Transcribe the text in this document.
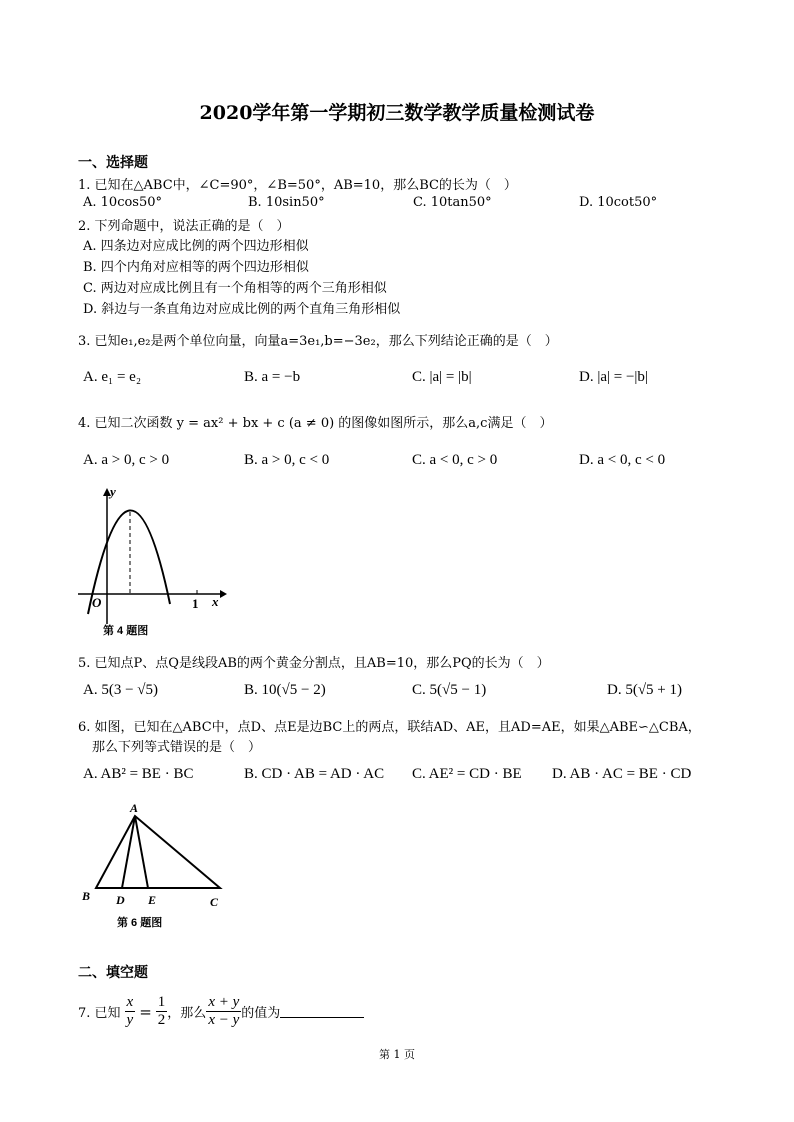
2020学年第一学期初三数学教学质量检测试卷
一、选择题
1. 已知在△ABC中，∠C=90°，∠B=50°，AB=10，那么BC的长为（　）
A. 10cos50°	B. 10sin50°	C. 10tan50°	D. 10cot50°
2. 下列命题中，说法正确的是（　）
A. 四条边对应成比例的两个四边形相似
B. 四个内角对应相等的两个四边形相似
C. 两边对应成比例且有一个角相等的两个三角形相似
D. 斜边与一条直角边对应成比例的两个直角三角形相似
3. 已知e₁,e₂是两个单位向量，向量a=3e₁,b=−3e₂，那么下列结论正确的是（　）
A. e₁ = e₂	B. a = −b	C. |a| = |b|	D. |a| = −|b|
4. 已知二次函数 y = ax² + bx + c (a ≠ 0) 的图像如图所示，那么a,c满足（　）
A. a > 0, c > 0	B. a > 0, c < 0	C. a < 0, c > 0	D. a < 0, c < 0
y
x
O	1
第 4 题图
5. 已知点P、点Q是线段AB的两个黄金分割点，且AB=10，那么PQ的长为（　）
A. 5(3 − √5)	B. 10(√5 − 2)	C. 5(√5 − 1)	D. 5(√5 + 1)
6. 如图，已知在△ABC中，点D、点E是边BC上的两点，联结AD、AE，且AD=AE，如果△ABE∽△CBA，
那么下列等式错误的是（　）
A. AB² = BE · BC	B. CD · AB = AD · AC C. AE² = CD · BE D. AB · AC = BE · CD
A
B D E	C
第 6 题图
二、填空题
7. 已知 $\frac{x}{y} = \frac{1}{2}$ ，那么 $\frac{x + y}{x - y}$ 的值为
第 1 页
